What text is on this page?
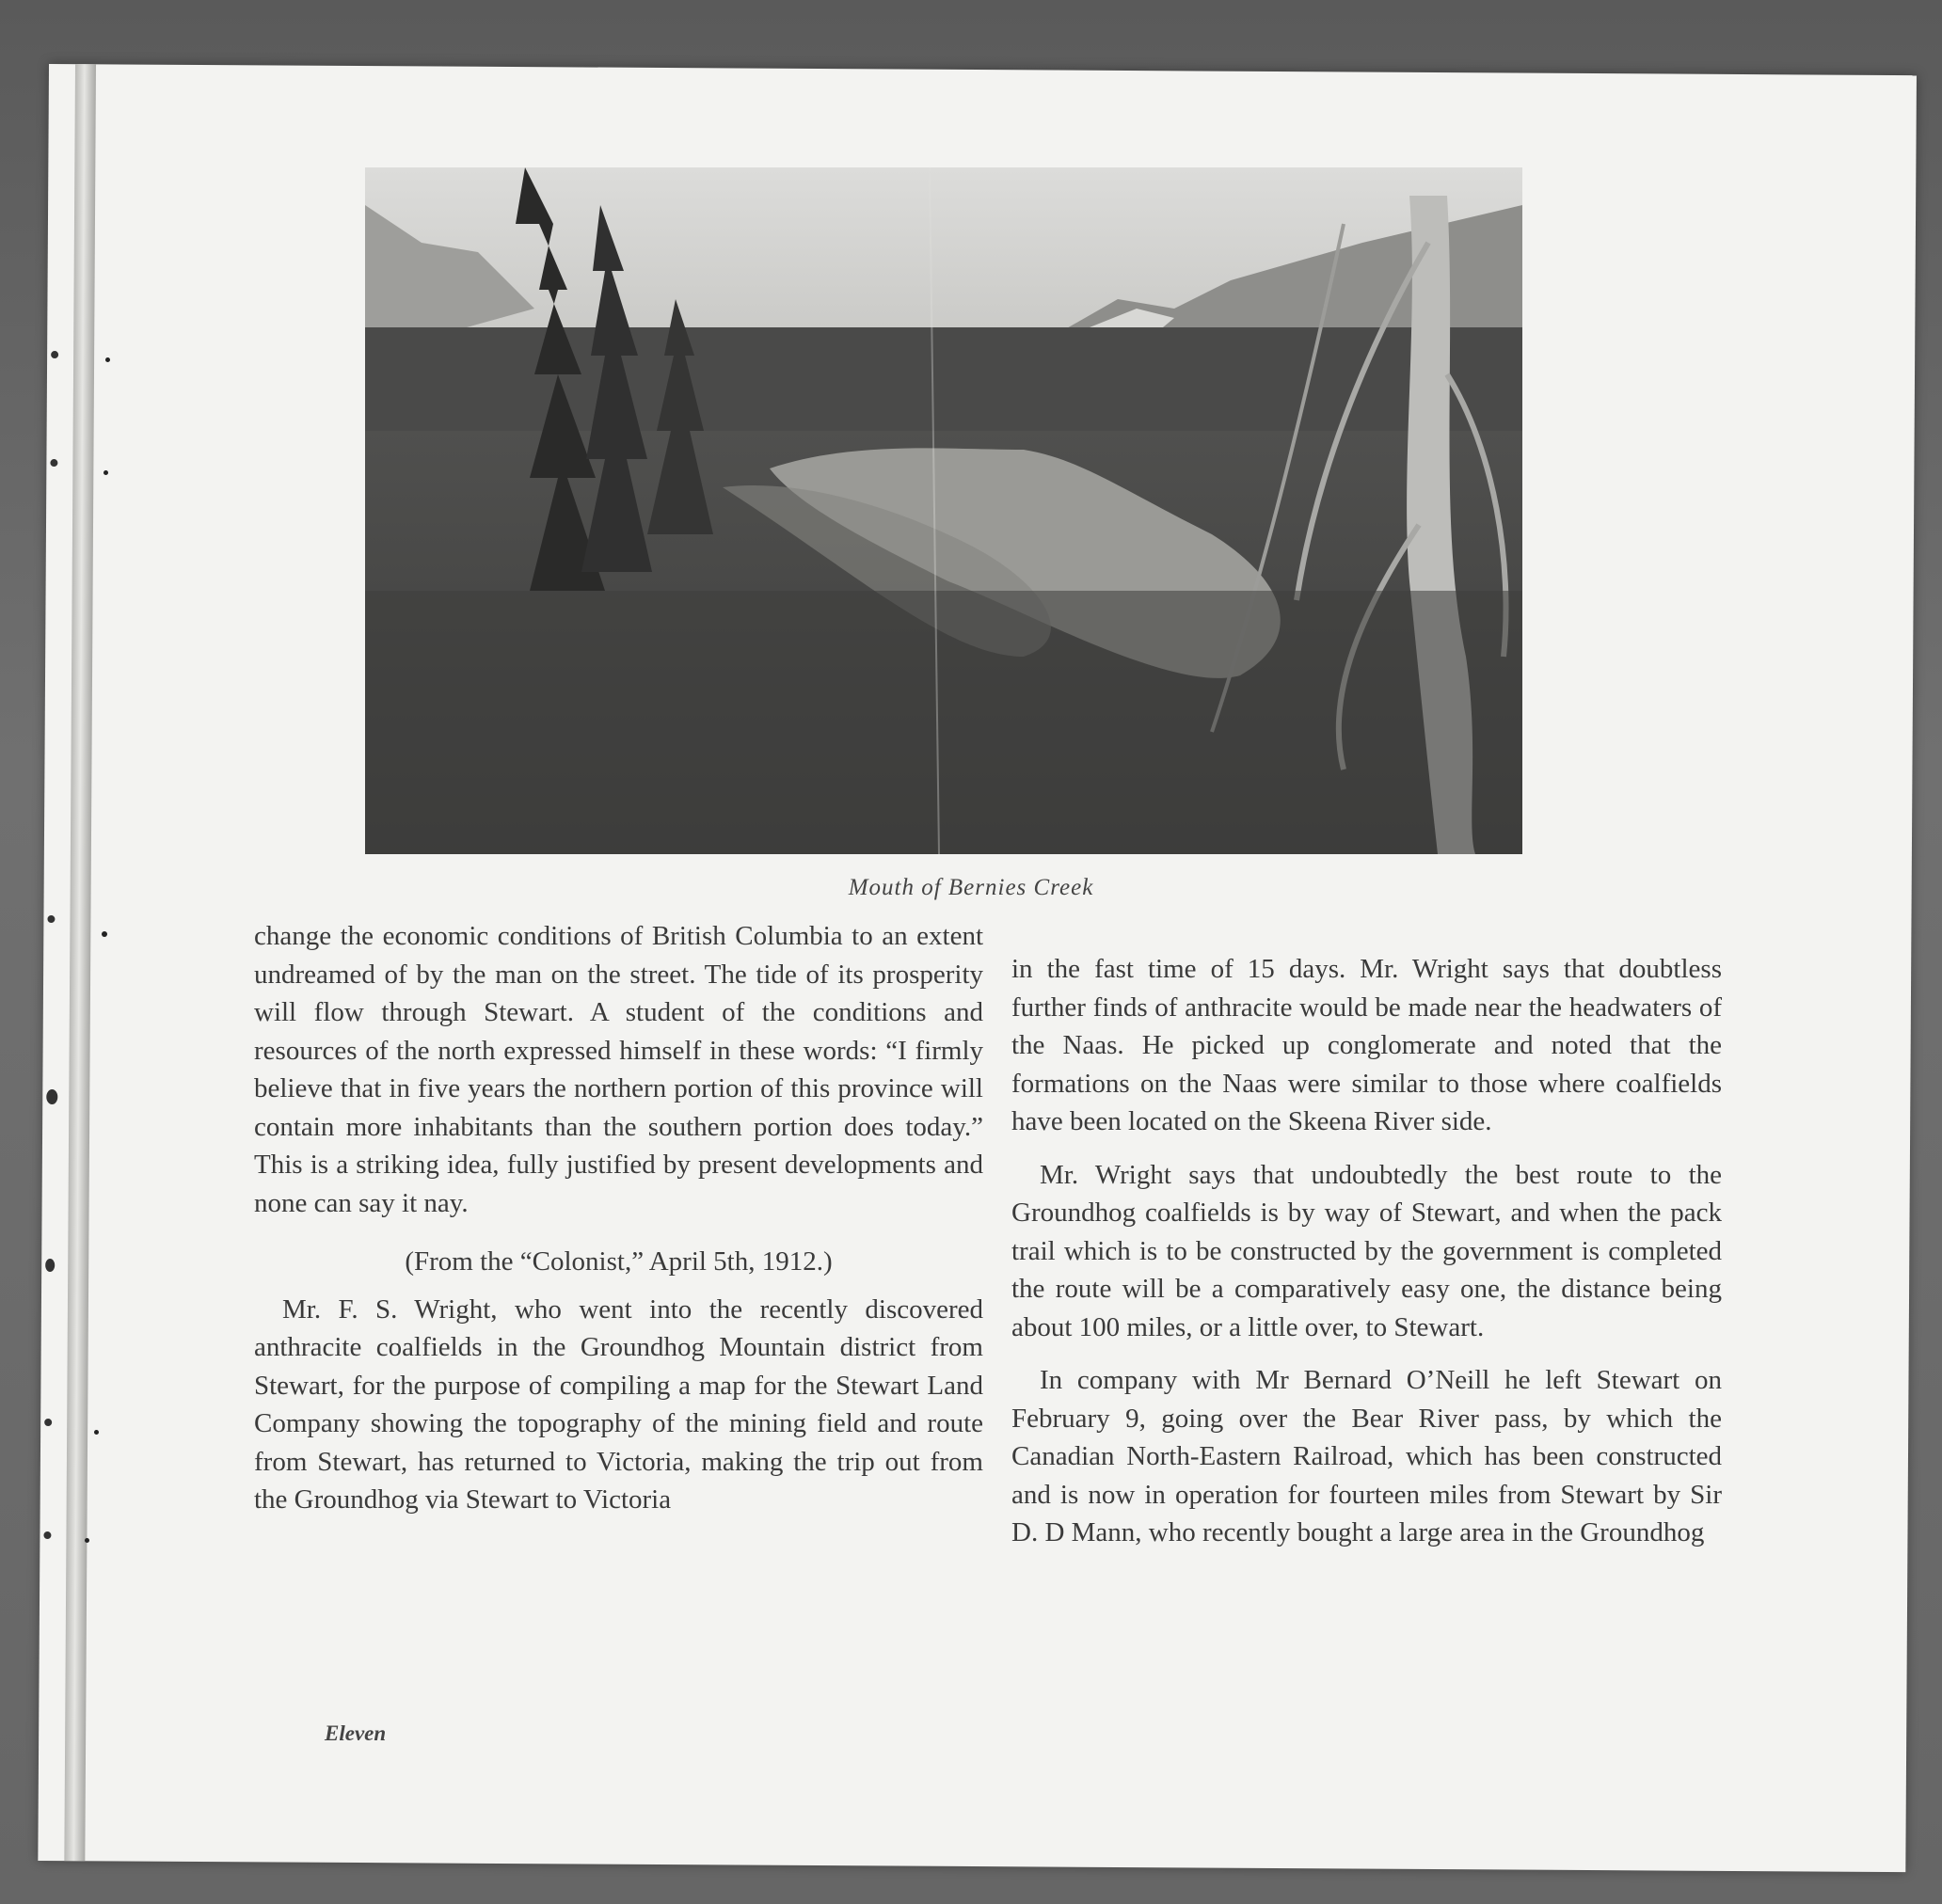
Mouth of Bernies Creek

change the economic conditions of British Columbia to an extent undreamed of by the man on the street. The tide of its prosperity will flow through Stewart. A student of the conditions and resources of the north expressed himself in these words: “I firmly believe that in five years the northern portion of this province will contain more inhabitants than the southern portion does today.” This is a striking idea, fully justified by present developments and none can say it nay.

(From the “Colonist,” April 5th, 1912.)

Mr. F. S. Wright, who went into the recently discovered anthracite coalfields in the Groundhog Mountain district from Stewart, for the purpose of compiling a map for the Stewart Land Company showing the topography of the mining field and route from Stewart, has returned to Victoria, making the trip out from the Groundhog via Stewart to Victoria

in the fast time of 15 days. Mr. Wright says that doubtless further finds of anthracite would be made near the headwaters of the Naas. He picked up conglomerate and noted that the formations on the Naas were similar to those where coalfields have been located on the Skeena River side.

Mr. Wright says that undoubtedly the best route to the Groundhog coalfields is by way of Stewart, and when the pack trail which is to be constructed by the government is completed the route will be a comparatively easy one, the distance being about 100 miles, or a little over, to Stewart.

In company with Mr Bernard O’Neill he left Stewart on February 9, going over the Bear River pass, by which the Canadian North-Eastern Railroad, which has been constructed and is now in operation for fourteen miles from Stewart by Sir D. D Mann, who recently bought a large area in the Groundhog

Eleven
